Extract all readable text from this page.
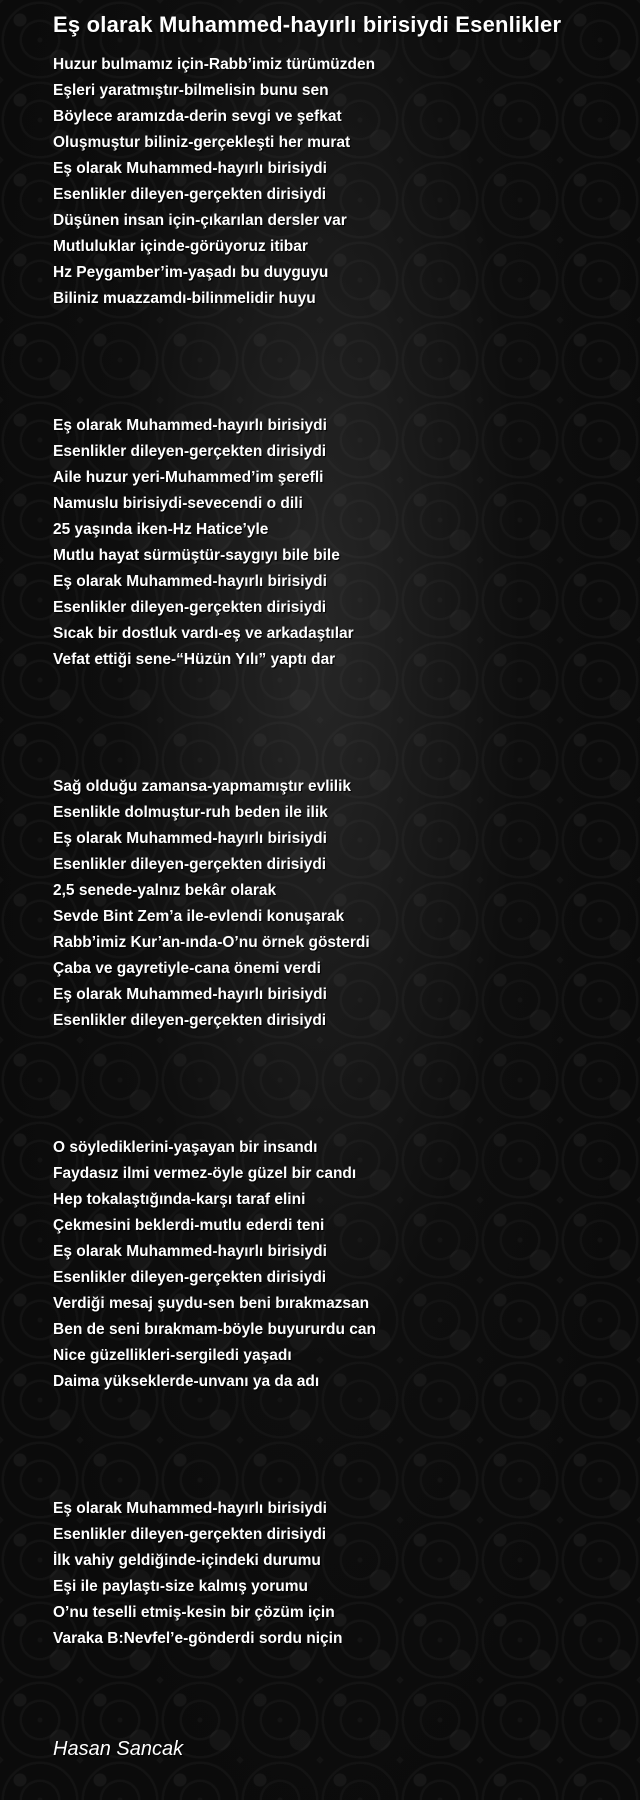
Eş olarak Muhammed-hayırlı birisiydi Esenlikler
Huzur bulmamız için-Rabb’imiz türümüzden
Eşleri yaratmıştır-bilmelisin bunu sen
Böylece aramızda-derin sevgi ve şefkat
Oluşmuştur biliniz-gerçekleşti her murat
Eş olarak Muhammed-hayırlı birisiydi
Esenlikler dileyen-gerçekten dirisiydi
Düşünen insan için-çıkarılan dersler var
Mutluluklar içinde-görüyoruz itibar
Hz Peygamber’im-yaşadı bu duyguyu
Biliniz muazzamdı-bilinmelidir huyu
Eş olarak Muhammed-hayırlı birisiydi
Esenlikler dileyen-gerçekten dirisiydi
Aile huzur yeri-Muhammed’im şerefli
Namuslu birisiydi-sevecendi o dili
25 yaşında iken-Hz Hatice’yle
Mutlu hayat sürmüştür-saygıyı bile bile
Eş olarak Muhammed-hayırlı birisiydi
Esenlikler dileyen-gerçekten dirisiydi
Sıcak bir dostluk vardı-eş ve arkadaştılar
Vefat ettiği sene-“Hüzün Yılı” yaptı dar
Sağ olduğu zamansa-yapmamıştır evlilik
Esenlikle dolmuştur-ruh beden ile ilik
Eş olarak Muhammed-hayırlı birisiydi
Esenlikler dileyen-gerçekten dirisiydi
2,5 senede-yalnız bekâr olarak
Sevde Bint Zem’a ile-evlendi konuşarak
Rabb’imiz Kur’an-ında-O’nu örnek gösterdi
Çaba ve gayretiyle-cana önemi verdi
Eş olarak Muhammed-hayırlı birisiydi
Esenlikler dileyen-gerçekten dirisiydi
O söylediklerini-yaşayan bir insandı
Faydasız ilmi vermez-öyle güzel bir candı
Hep tokalaştığında-karşı taraf elini
Çekmesini beklerdi-mutlu ederdi teni
Eş olarak Muhammed-hayırlı birisiydi
Esenlikler dileyen-gerçekten dirisiydi
Verdiği mesaj şuydu-sen beni bırakmazsan
Ben de seni bırakmam-böyle buyururdu can
Nice güzellikleri-sergiledi yaşadı
Daima yükseklerde-unvanı ya da adı
Eş olarak Muhammed-hayırlı birisiydi
Esenlikler dileyen-gerçekten dirisiydi
İlk vahiy geldiğinde-içindeki durumu
Eşi ile paylaştı-size kalmış yorumu
O’nu teselli etmiş-kesin bir çözüm için
Varaka B:Nevfel’e-gönderdi sordu niçin
Hasan Sancak
